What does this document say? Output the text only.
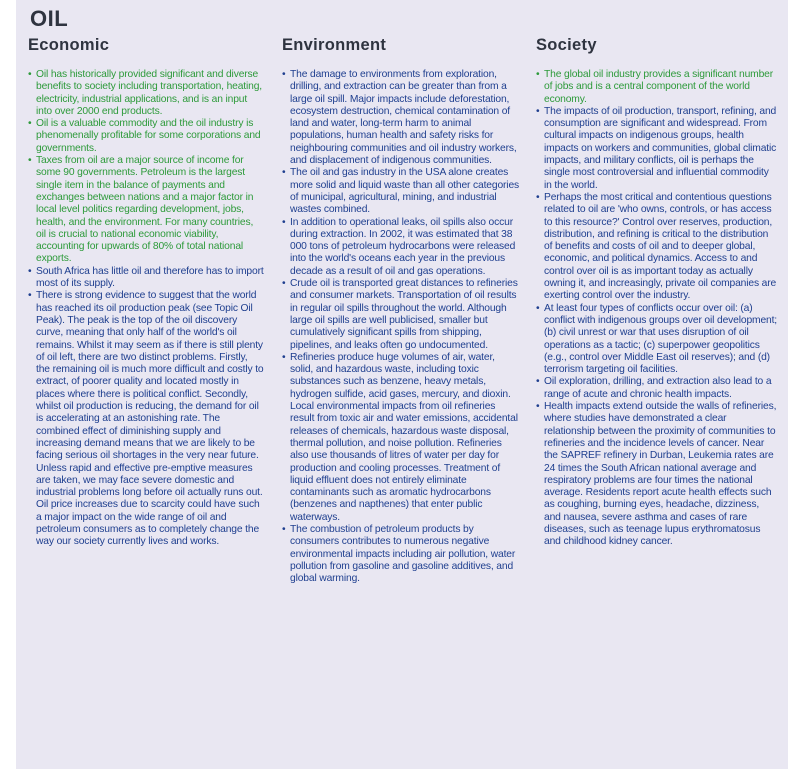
OIL
Economic
• Oil has historically provided significant and diverse benefits to society including transportation, heating, electricity, industrial applications, and is an input into over 2000 end products.
• Oil is a valuable commodity and the oil industry is phenomenally profitable for some corporations and governments.
• Taxes from oil are a major source of income for some 90 governments. Petroleum is the largest single item in the balance of payments and exchanges between nations and a major factor in local level politics regarding development, jobs, health, and the environment. For many countries, oil is crucial to national economic viability, accounting for upwards of 80% of total national exports.
• South Africa has little oil and therefore has to import most of its supply.
• There is strong evidence to suggest that the world has reached its oil production peak (see Topic Oil Peak). The peak is the top of the oil discovery curve, meaning that only half of the world's oil remains. Whilst it may seem as if there is still plenty of oil left, there are two distinct problems. Firstly, the remaining oil is much more difficult and costly to extract, of poorer quality and located mostly in places where there is political conflict. Secondly, whilst oil production is reducing, the demand for oil is accelerating at an astonishing rate. The combined effect of diminishing supply and increasing demand means that we are likely to be facing serious oil shortages in the very near future. Unless rapid and effective pre-emptive measures are taken, we may face severe domestic and industrial problems long before oil actually runs out. Oil price increases due to scarcity could have such a major impact on the wide range of oil and petroleum consumers as to completely change the way our society currently lives and works.
Environment
• The damage to environments from exploration, drilling, and extraction can be greater than from a large oil spill. Major impacts include deforestation, ecosystem destruction, chemical contamination of land and water, long-term harm to animal populations, human health and safety risks for neighbouring communities and oil industry workers, and displacement of indigenous communities.
• The oil and gas industry in the USA alone creates more solid and liquid waste than all other categories of municipal, agricultural, mining, and industrial wastes combined.
• In addition to operational leaks, oil spills also occur during extraction. In 2002, it was estimated that 38 000 tons of petroleum hydrocarbons were released into the world's oceans each year in the previous decade as a result of oil and gas operations.
• Crude oil is transported great distances to refineries and consumer markets. Transportation of oil results in regular oil spills throughout the world. Although large oil spills are well publicised, smaller but cumulatively significant spills from shipping, pipelines, and leaks often go undocumented.
• Refineries produce huge volumes of air, water, solid, and hazardous waste, including toxic substances such as benzene, heavy metals, hydrogen sulfide, acid gases, mercury, and dioxin. Local environmental impacts from oil refineries result from toxic air and water emissions, accidental releases of chemicals, hazardous waste disposal, thermal pollution, and noise pollution. Refineries also use thousands of litres of water per day for production and cooling processes. Treatment of liquid effluent does not entirely eliminate contaminants such as aromatic hydrocarbons (benzenes and napthenes) that enter public waterways.
• The combustion of petroleum products by consumers contributes to numerous negative environmental impacts including air pollution, water pollution from gasoline and gasoline additives, and global warming.
Society
• The global oil industry provides a significant number of jobs and is a central component of the world economy.
• The impacts of oil production, transport, refining, and consumption are significant and widespread. From cultural impacts on indigenous groups, health impacts on workers and communities, global climatic impacts, and military conflicts, oil is perhaps the single most controversial and influential commodity in the world.
• Perhaps the most critical and contentious questions related to oil are 'who owns, controls, or has access to this resource?' Control over reserves, production, distribution, and refining is critical to the distribution of benefits and costs of oil and to deeper global, economic, and political dynamics. Access to and control over oil is as important today as actually owning it, and increasingly, private oil companies are exerting control over the industry.
• At least four types of conflicts occur over oil: (a) conflict with indigenous groups over oil development; (b) civil unrest or war that uses disruption of oil operations as a tactic; (c) superpower geopolitics (e.g., control over Middle East oil reserves); and (d) terrorism targeting oil facilities.
• Oil exploration, drilling, and extraction also lead to a range of acute and chronic health impacts.
• Health impacts extend outside the walls of refineries, where studies have demonstrated a clear relationship between the proximity of communities to refineries and the incidence levels of cancer. Near the SAPREF refinery in Durban, Leukemia rates are 24 times the South African national average and respiratory problems are four times the national average. Residents report acute health effects such as coughing, burning eyes, headache, dizziness, and nausea, severe asthma and cases of rare diseases, such as teenage lupus erythromatosus and childhood kidney cancer.
